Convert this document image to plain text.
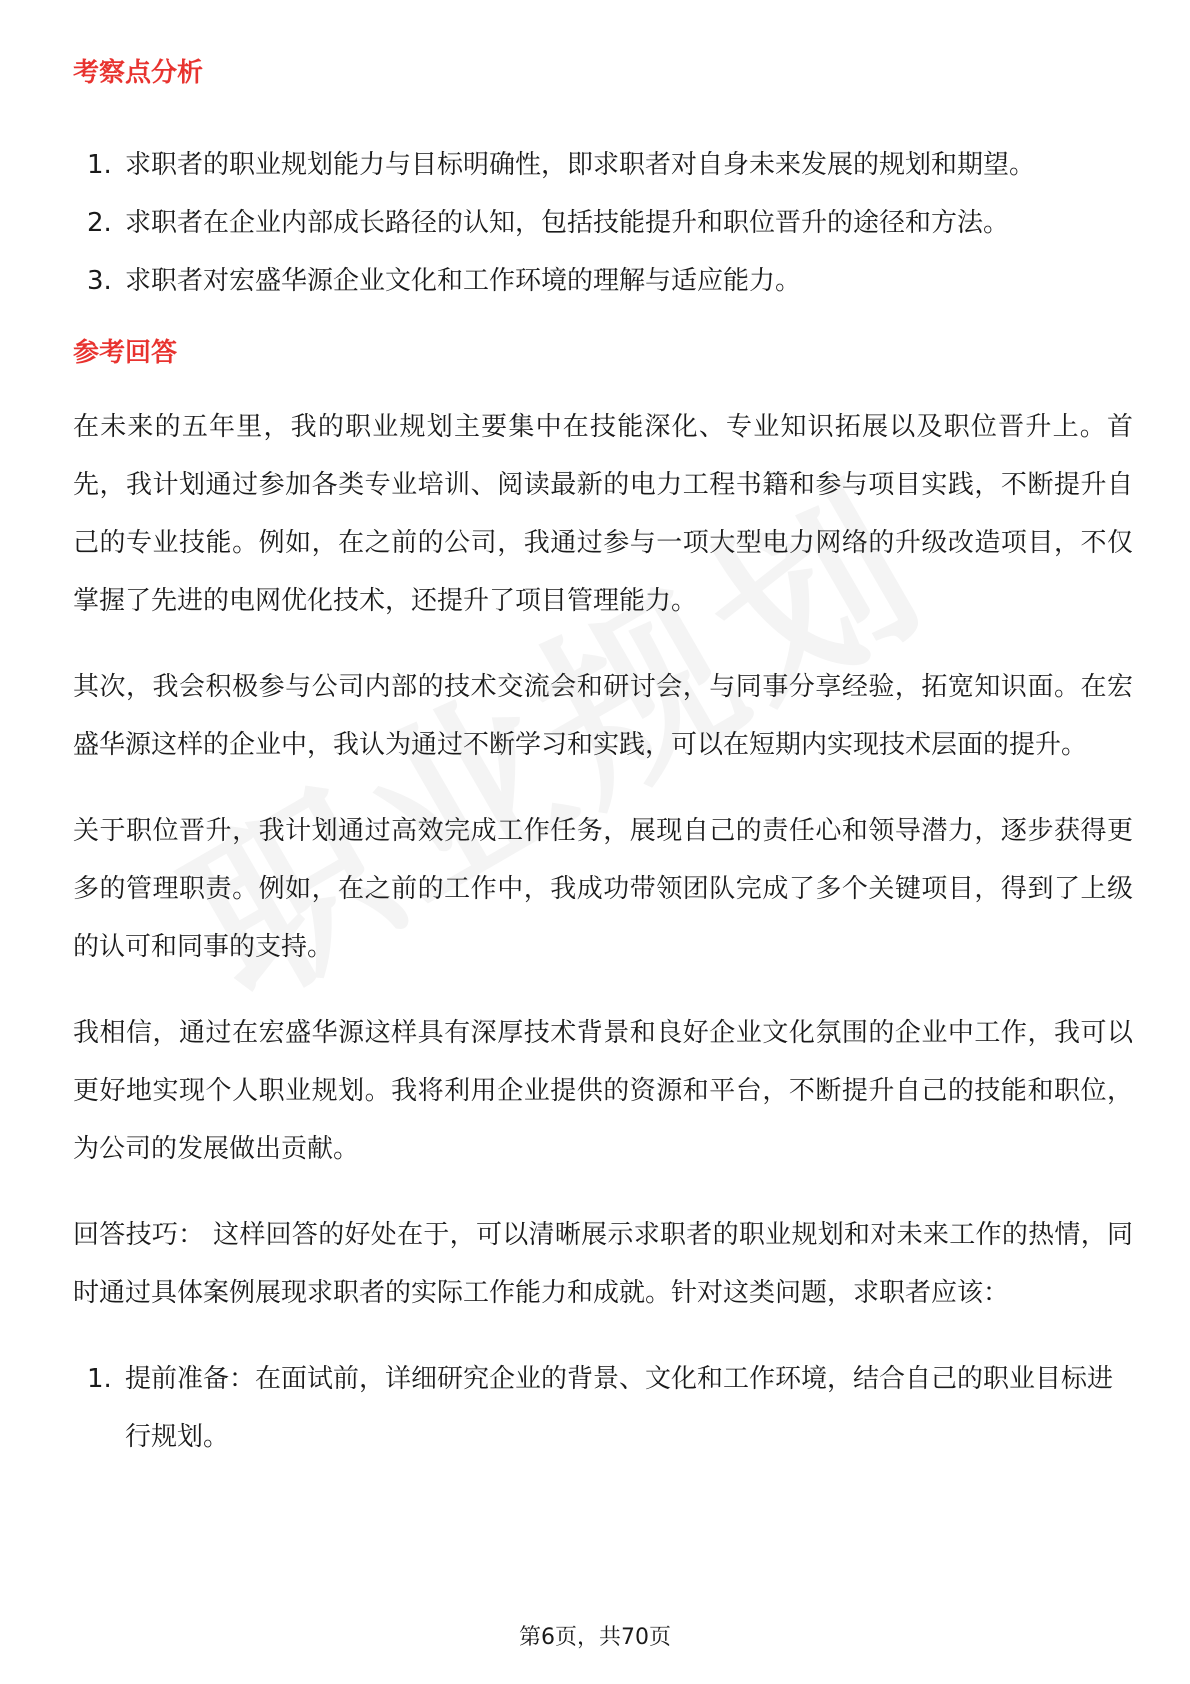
考察点分析
1. 求职者的职业规划能力与目标明确性，即求职者对自身未来发展的规划和期望。
2. 求职者在企业内部成长路径的认知，包括技能提升和职位晋升的途径和方法。
3. 求职者对宏盛华源企业文化和工作环境的理解与适应能力。
参考回答

在未来的五年里，我的职业规划主要集中在技能深化、专业知识拓展以及职位晋升上。首先，我计划通过参加各类专业培训、阅读最新的电力工程书籍和参与项目实践，不断提升自己的专业技能。例如，在之前的公司，我通过参与一项大型电力网络的升级改造项目，不仅掌握了先进的电网优化技术，还提升了项目管理能力。

其次，我会积极参与公司内部的技术交流会和研讨会，与同事分享经验，拓宽知识面。在宏盛华源这样的企业中，我认为通过不断学习和实践，可以在短期内实现技术层面的提升。

关于职位晋升，我计划通过高效完成工作任务，展现自己的责任心和领导潜力，逐步获得更多的管理职责。例如，在之前的工作中，我成功带领团队完成了多个关键项目，得到了上级的认可和同事的支持。

我相信，通过在宏盛华源这样具有深厚技术背景和良好企业文化氛围的企业中工作，我可以更好地实现个人职业规划。我将利用企业提供的资源和平台，不断提升自己的技能和职位，为公司的发展做出贡献。

回答技巧： 这样回答的好处在于，可以清晰展示求职者的职业规划和对未来工作的热情，同时通过具体案例展现求职者的实际工作能力和成就。针对这类问题，求职者应该：

1. 提前准备：在面试前，详细研究企业的背景、文化和工作环境，结合自己的职业目标进行规划。
第6页，共70页
